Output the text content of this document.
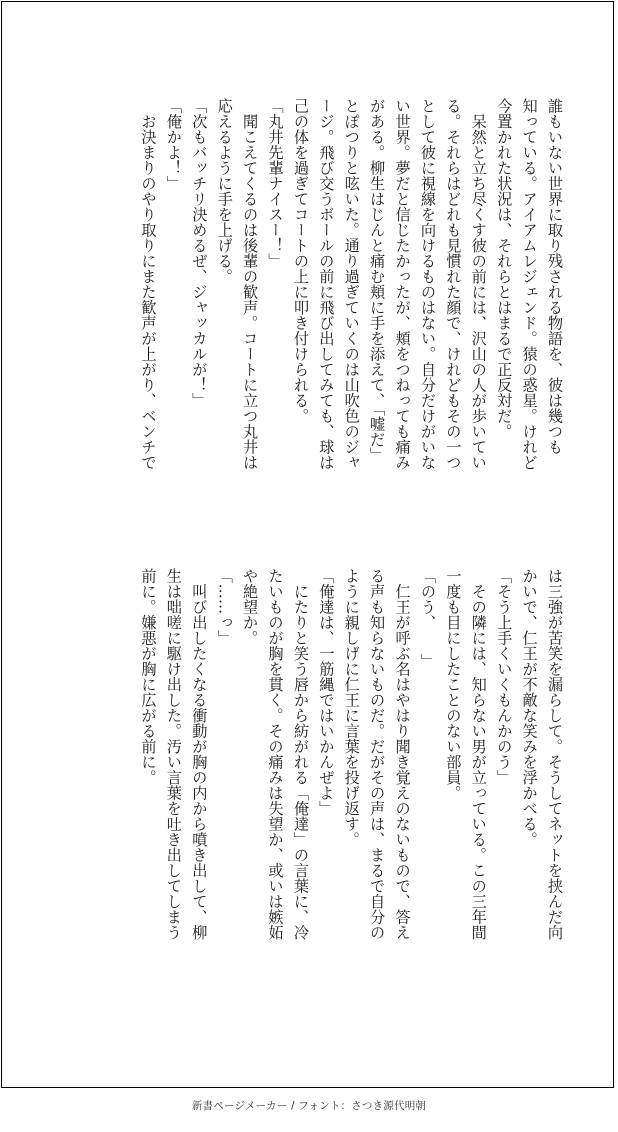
誰もいない世界に取り残される物語を、彼は幾つも
知っている。アイアムレジェンド。猿の惑星。けれど
今置かれた状況は、それらとはまるで正反対だ。
　呆然と立ち尽くす彼の前には、沢山の人が歩いてい
る。それらはどれも見慣れた顔で、けれどもその一つ
として彼に視線を向けるものはない。自分だけがいな
い世界。夢だと信じたかったが、頬をつねっても痛み
がある。柳生はじんと痛む頬に手を添えて、「嘘だ」
とぽつりと呟いた。通り過ぎていくのは山吹色のジャ
ージ。飛び交うボールの前に飛び出してみても、球は
己の体を過ぎてコートの上に叩き付けられる。
「丸井先輩ナイスー！」
　聞こえてくるのは後輩の歓声。コートに立つ丸井は
応えるように手を上げる。
「次もバッチリ決めるぜ、ジャッカルが！」
「俺かよ！」
　お決まりのやり取りにまた歓声が上がり、ベンチで
は三強が苦笑を漏らして。そうしてネットを挟んだ向
かいで、仁王が不敵な笑みを浮かべる。
「そう上手くいくもんかのう」
　その隣には、知らない男が立っている。この三年間
一度も目にしたことのない部員。
「のう、　　」
　仁王が呼ぶ名はやはり聞き覚えのないもので、答え
る声も知らないものだ。だがその声は、まるで自分の
ように親しげに仁王に言葉を投げ返す。
「俺達は、一筋縄ではいかんぜよ」
　にたりと笑う唇から紡がれる「俺達」の言葉に、冷
たいものが胸を貫く。その痛みは失望か、或いは嫉妬
や絶望か。
「……っ」
　叫び出したくなる衝動が胸の内から噴き出して、柳
生は咄嗟に駆け出した。汚い言葉を吐き出してしまう
前に。嫌悪が胸に広がる前に。
新書ページメーカー / フォント：さつき源代明朝
